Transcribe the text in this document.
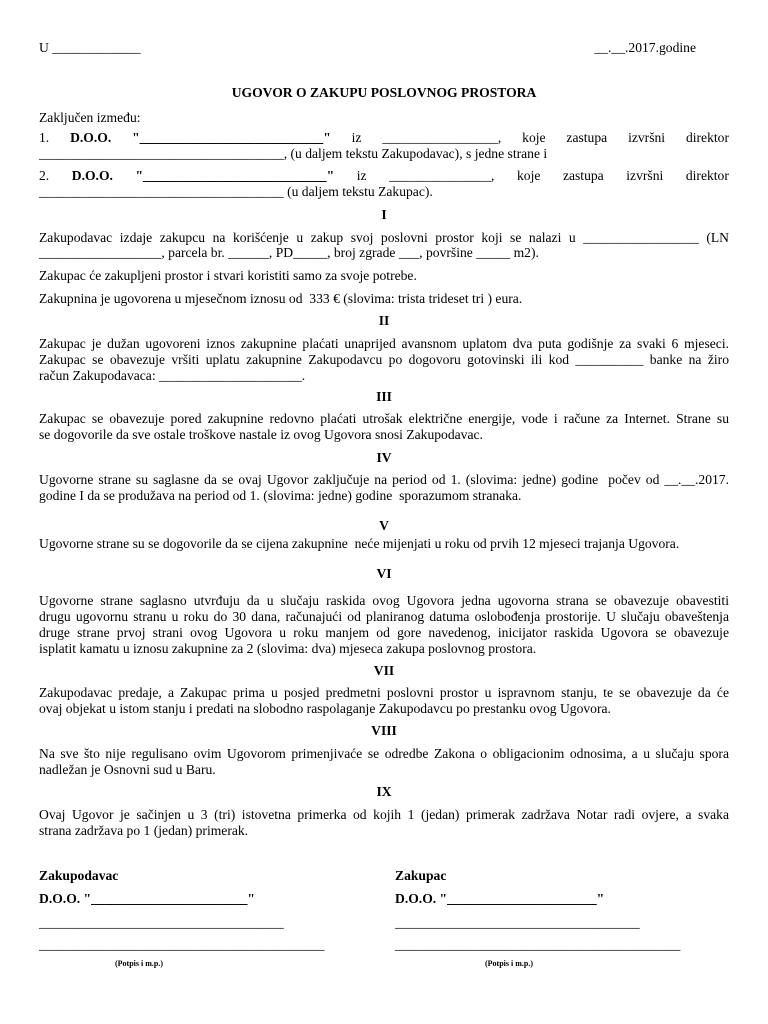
U _____________	__.__.2017.godine
UGOVOR O ZAKUPU POSLOVNOG PROSTORA
Zaključen između:
1. D.O.O. "___________________________" iz _________________, koje zastupa izvršni direktor
____________________________________, (u daljem tekstu Zakupodavac), s jedne strane i
2. D.O.O. "___________________________" iz _______________, koje zastupa izvršni direktor
____________________________________ (u daljem tekstu Zakupac).
I
Zakupodavac izdaje zakupcu na korišćenje u zakup svoj poslovni prostor koji se nalazi u _________________ (LN
__________________, parcela br. ______, PD_____, broj zgrade ___, površine _____ m2).
Zakupac će zakupljeni prostor i stvari koristiti samo za svoje potrebe.
Zakupnina je ugovorena u mjesečnom iznosu od  333 € (slovima: trista trideset tri ) eura.
II
Zakupac je dužan ugovoreni iznos zakupnine plaćati unaprijed avansnom uplatom dva puta godišnje za svaki 6 mjeseci.
Zakupac se obavezuje vršiti uplatu zakupnine Zakupodavcu po dogovoru gotovinski ili kod __________ banke na žiro
račun Zakupodavaca: _____________________.
III
Zakupac se obavezuje pored zakupnine redovno plaćati utrošak električne energije, vode i račune za Internet. Strane su
se dogovorile da sve ostale troškove nastale iz ovog Ugovora snosi Zakupodavac.
IV
Ugovorne strane su saglasne da se ovaj Ugovor zaključuje na period od 1. (slovima: jedne) godine  počev od __.__.2017.
godine I da se produžava na period od 1. (slovima: jedne) godine  sporazumom stranaka.
V
Ugovorne strane su se dogovorile da se cijena zakupnine  neće mijenjati u roku od prvih 12 mjeseci trajanja Ugovora.
VI
Ugovorne strane saglasno utvrđuju da u slučaju raskida ovog Ugovora jedna ugovorna strana se obavezuje obavestiti
drugu ugovornu stranu u roku do 30 dana, računajući od planiranog datuma oslobođenja prostorije. U slučaju obaveštenja
druge strane prvoj strani ovog Ugovora u roku manjem od gore navedenog, inicijator raskida Ugovora se obavezuje
isplatit kamatu u iznosu zakupnine za 2 (slovima: dva) mjeseca zakupa poslovnog prostora.
VII
Zakupodavac predaje, a Zakupac prima u posjed predmetni poslovni prostor u ispravnom stanju, te se obavezuje da će
ovaj objekat u istom stanju i predati na slobodno raspolaganje Zakupodavcu po prestanku ovog Ugovora.
VIII
Na sve što nije regulisano ovim Ugovorom primenjivaće se odredbe Zakona o obligacionim odnosima, a u slučaju spora
nadležan je Osnovni sud u Baru.
IX
Ovaj Ugovor je sačinjen u 3 (tri) istovetna primerka od kojih 1 (jedan) primerak zadržava Notar radi ovjere, a svaka
strana zadržava po 1 (jedan) primerak.
Zakupodavac
D.O.O. "_______________________"
____________________________________
__________________________________________
(Potpis i m.p.)
Zakupac
D.O.O. "______________________"
____________________________________
__________________________________________
(Potpis i m.p.)
